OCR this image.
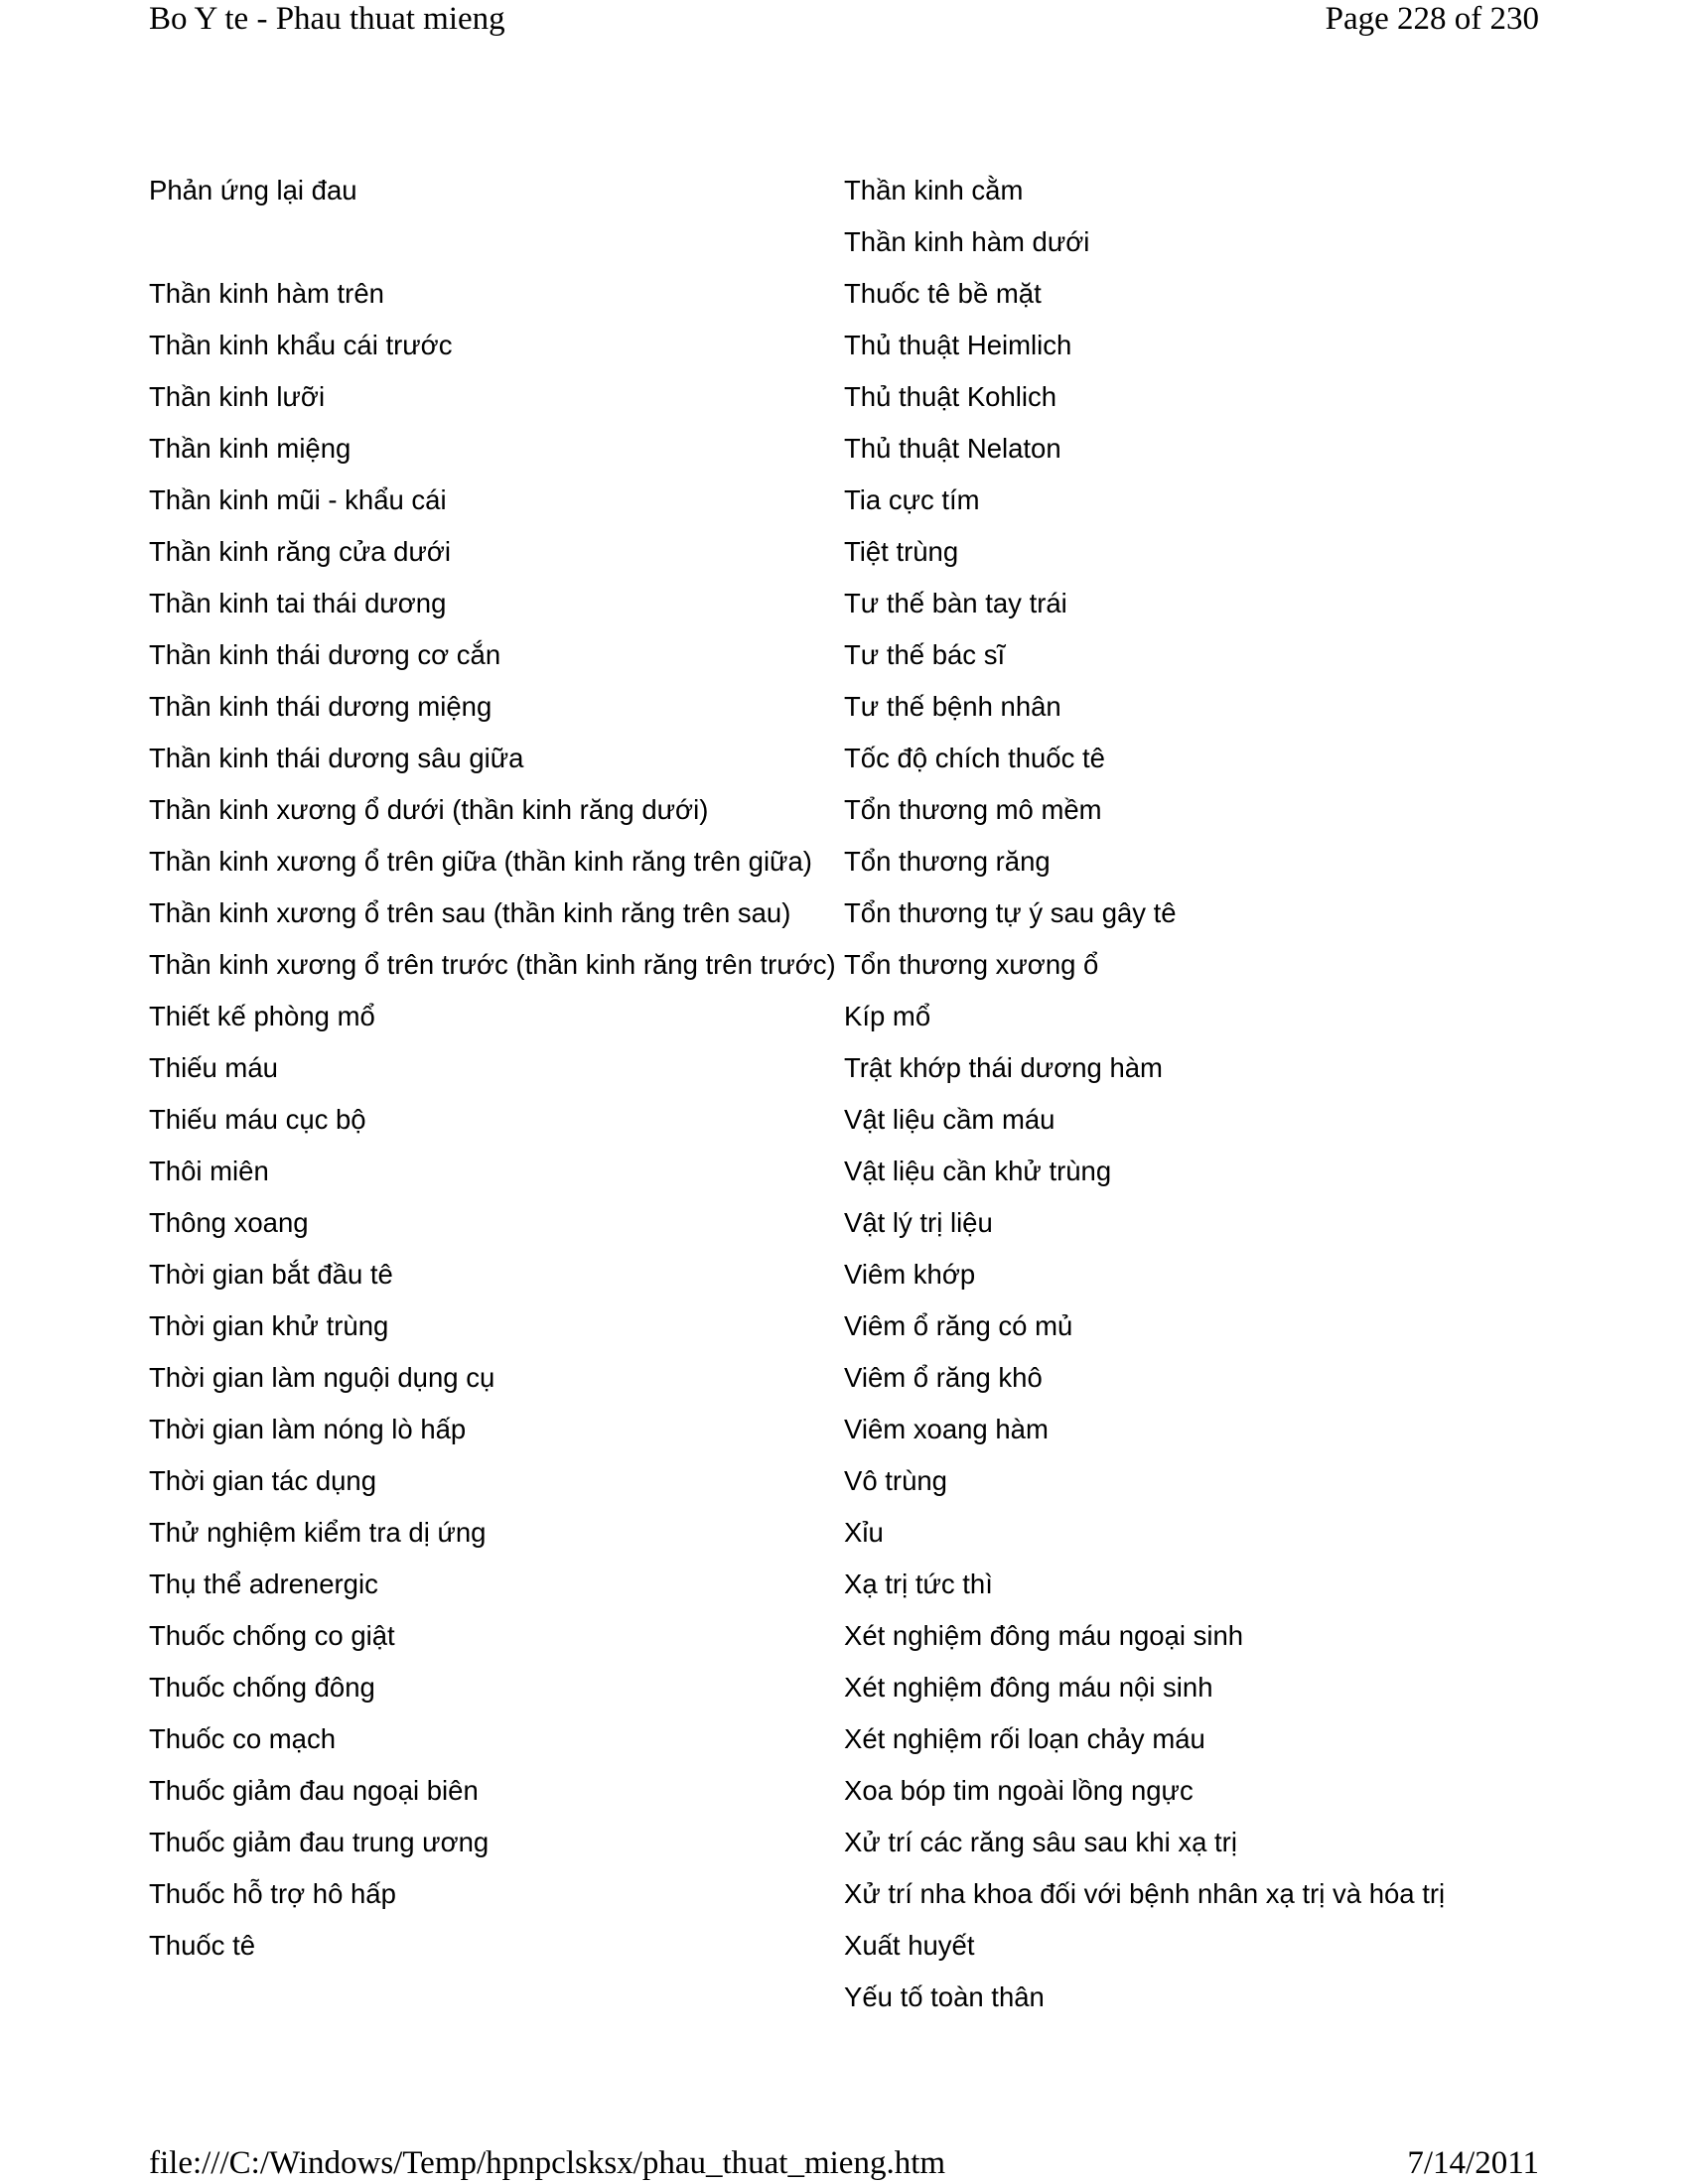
Bo Y te - Phau thuat mieng	Page 228 of 230
Phản ứng lại đau
Thần kinh hàm trên
Thần kinh khẩu cái trước
Thần kinh lưỡi
Thần kinh miệng
Thần kinh mũi - khẩu cái
Thần kinh răng cửa dưới
Thần kinh tai thái dương
Thần kinh thái dương cơ cắn
Thần kinh thái dương miệng
Thần kinh thái dương sâu giữa
Thần kinh xương ổ dưới (thần kinh răng dưới)
Thần kinh xương ổ trên giữa (thần kinh răng trên giữa)
Thần kinh xương ổ trên sau (thần kinh răng trên sau)
Thần kinh xương ổ trên trước (thần kinh răng trên trước)
Thiết kế phòng mổ
Thiếu máu
Thiếu máu cục bộ
Thôi miên
Thông xoang
Thời gian bắt đầu tê
Thời gian khử trùng
Thời gian làm nguội dụng cụ
Thời gian làm nóng lò hấp
Thời gian tác dụng
Thử nghiệm kiểm tra dị ứng
Thụ thể adrenergic
Thuốc chống co giật
Thuốc chống đông
Thuốc co mạch
Thuốc giảm đau ngoại biên
Thuốc giảm đau trung ương
Thuốc hỗ trợ hô hấp
Thuốc tê
Thần kinh cằm
Thần kinh hàm dưới
Thuốc tê bề mặt
Thủ thuật Heimlich
Thủ thuật Kohlich
Thủ thuật Nelaton
Tia cực tím
Tiệt trùng
Tư thế bàn tay trái
Tư thế bác sĩ
Tư thế bệnh nhân
Tốc độ chích thuốc tê
Tổn thương mô mềm
Tổn thương răng
Tổn thương tự ý sau gây tê
Tổn thương xương ổ
Kíp mổ
Trật khớp thái dương hàm
Vật liệu cầm máu
Vật liệu cần khử trùng
Vật lý trị liệu
Viêm khớp
Viêm ổ răng có mủ
Viêm ổ răng khô
Viêm xoang hàm
Vô trùng
Xỉu
Xạ trị tức thì
Xét nghiệm đông máu ngoại sinh
Xét nghiệm đông máu nội sinh
Xét nghiệm rối loạn chảy máu
Xoa bóp tim ngoài lồng ngực
Xử trí các răng sâu sau khi xạ trị
Xử trí nha khoa đối với bệnh nhân xạ trị và hóa trị
Xuất huyết
Yếu tố toàn thân
file:///C:/Windows/Temp/hpnpclsksx/phau_thuat_mieng.htm	7/14/2011
